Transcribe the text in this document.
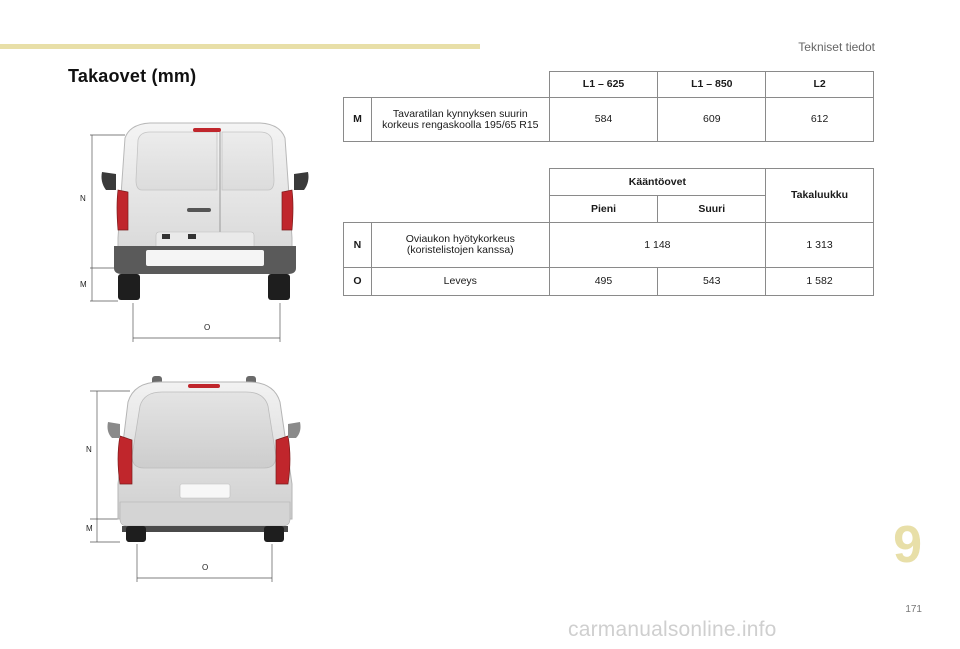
Tekniset tiedot
Takaovet (mm)
N
M
O
N
M
O
		L1 – 625	L1 – 850	L2
M	Tavaratilan kynnyksen suurin korkeus rengaskoolla 195/65 R15	584	609	612
		Kääntöovet		Takaluukku
		Pieni	Suuri	
N	Oviaukon hyötykorkeus (koristelistojen kanssa)	1 148		1 313
O	Leveys	495	543	1 582
9
171
carmanualsonline.info
